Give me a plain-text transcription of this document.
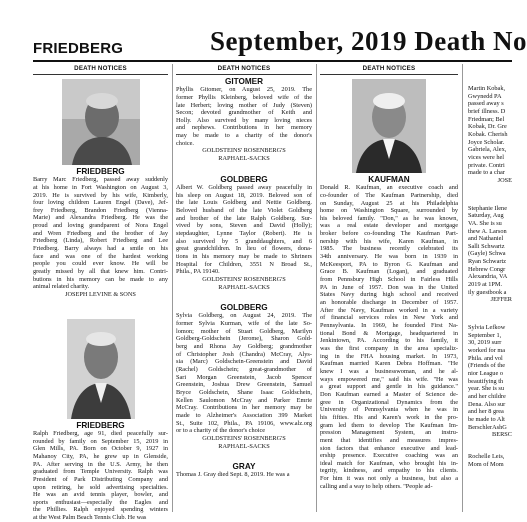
FRIEDBERG	September, 2019 Death No
DEATH NOTICES
FRIEDBERG
Barry Marc Friedberg, passed away suddenly
at his home in Fort Washington on August 3,
2019. He is survived by his wife, Kimberly,
four loving children Lauren Engel (Dave), Jef-
frey Friedberg, Brandon Friedberg (Vienna-
Marie) and Alexandra Friedberg. He was the
proud and loving grandparent of Nora Engel
and Wren Friedberg and the brother of Jay
Friedberg (Linda), Robert Friedberg and Lee
Friedberg. Barry always had a smile on his
face and was one of the hardest working
people you could ever know. He will be
greatly missed by all that knew him. Contri-
butions in his memory can be made to any
animal related charity.
JOSEPH LEVINE & SONS
FRIEDBERG
Ralph Friedberg, age 91, died peacefully sur-
rounded by family on September 15, 2019 in
Glen Mills, PA. Born on October 9, 1927 in
Mahanoy City, PA, he grew up in Glenside,
PA. After serving in the U.S. Army, he then
graduated from Temple University. Ralph was
President of Park Distributing Company and
upon retiring, he sold advertising specialties.
He was an avid tennis player, bowler, and
sports enthusiast—especially the Eagles and
the Phillies. Ralph enjoyed spending winters
at the West Palm Beach Tennis Club. He was
DEATH NOTICES
GITOMER
Phyllis Gitomer, on August 25, 2019. The
former Phyllis Kleinberg, beloved wife of the
late Herbert; loving mother of Judy (Steven)
Secon; devoted grandmother of Keith and
Holly. Also survived by many loving nieces
and nephews. Contributions in her memory
may be made to a charity of the donor's
choice.
GOLDSTEINS' ROSENBERG'S
RAPHAEL-SACKS
GOLDBERG
Albert W. Goldberg passed away peacefully in
his sleep on August 18, 2019. Beloved son of
the late Louis Goldberg and Nettie Goldberg.
Beloved husband of the late Violet Goldberg
and brother of the late Ralph Goldberg. Sur-
vived by sons, Steven and David (Holly);
stepdaughter, Lynne Taylor (Robert). He is
also survived by 5 granddaughters, and 6
great grandchildren. In lieu of flowers, dona-
tions in his memory may be made to Shriners
Hospital for Children, 3551 N Broad St.,
Phila., PA 19140.
GOLDSTEINS' ROSENBERG'S
RAPHAEL-SACKS
GOLDBERG
Sylvia Goldberg, on August 24, 2019. The
former Sylvia Kurman, wife of the late So-
lomon; mother of Stuart Goldberg, Marilyn
Goldberg-Goldschein (Jerome), Sharon Gold-
berg and Rhona Jay Goldberg; grandmother
of Christopher Josh (Chandra) McCray, Alys-
sia (Marc) Goldschein-Greenstein and David
(Rachel) Goldschein; great-grandmother of
Sari Morgan Greenstein, Jacob Spencer
Greenstein, Joshua Drew Greenstein, Samuel
Bryce Goldschein, Shane Isaac Goldschein,
Kellen Saulomon McCray and Parker Emrie
McCray. Contributions in her memory may be
made to Alzheimer's Association 399 Market
St., Suite 102, Phila., PA 19106, www.alz.org
or to a charity of the donor's choice
GOLDSTEINS' ROSENBERG'S
RAPHAEL-SACKS
GRAY
Thomas J. Gray died Sept. 8, 2019. He was a
DEATH NOTICES
KAUFMAN
Donald R. Kaufman, an executive coach and
co-founder of The Kaufman Partnership, died
on Sunday, August 25 at his Philadelphia
home on Washington Square, surrounded by
his beloved family. "Don," as he was known,
was a real estate developer and mortgage
broker before co-founding The Kaufman Part-
nership with his wife, Karen Kaufman, in
1985. The business recently celebrated its
34th anniversary. He was born in 1939 in
McKeesport, PA to Byron G. Kaufman and
Grace B. Kaufman (Logan), and graduated
from Pennsbury High School in Fairless Hills
PA in June of 1957. Don was in the United
States Navy during high school and received
an honorable discharge in December of 1957.
After the Navy, Kaufman worked in a variety
of financial services roles in New York and
Pennsylvania. In 1969, he founded First Na-
tional Bond & Mortgage, headquartered in
Jenkintown, PA. According to his family, it
was the first company in the area specializ-
ing in the FHA housing market. In 1973,
Kaufman married Karen Debra Hoffman. "He
knew I was a businesswoman, and he al-
ways empowered me," said his wife. "He was
a great support and gentle in his guidance."
Don Kaufman earned a Master of Science de-
gree in Organizational Dynamics from the
University of Pennsylvania when he was in
his fifties. His and Karen's work in the pro-
gram led them to develop The Kaufman Im-
pression Management System, an instru-
ment that identifies and measures impres-
sion factors that enhance executive and lead-
ership presence. Executive coaching was an
ideal match for Kaufman, who brought his in-
tegrity, kindness, and empathy to his clients.
For him it was not only a business, but also a
calling and a way to help others. "People ad-
Martin Kobak,
Gwynedd PA
passed away s
brief illness. D
Friedman; Bel
Kobak, Dr. Gre
Kobak. Cherish
Joyce Scholar.
Gabriela, Alex,
vices were hel
private. Contri
made to a char
JOSE
Stephanie Ilene
Saturday, Aug
VA. She is su
thew A. Larson
and Nathaniel
Salli Schwartz
(Gayle) Schwa
Ryan Schwartz
Hebrew Congr
Alexandria, VA
2019 at 1PM.
ily guestbook a
JEFFER
Sylvia Lefkow
September 1,
30, 2019 surr
worked for ma
Phila. and vol
(Friends of the
nior League o
beautifying th
year. She is su
and her childre
Dena. Also sur
and her 8 grea
be made to Alt
BerschlerAshG
BERSC
Rochelle Leis,
Mom of Mom
